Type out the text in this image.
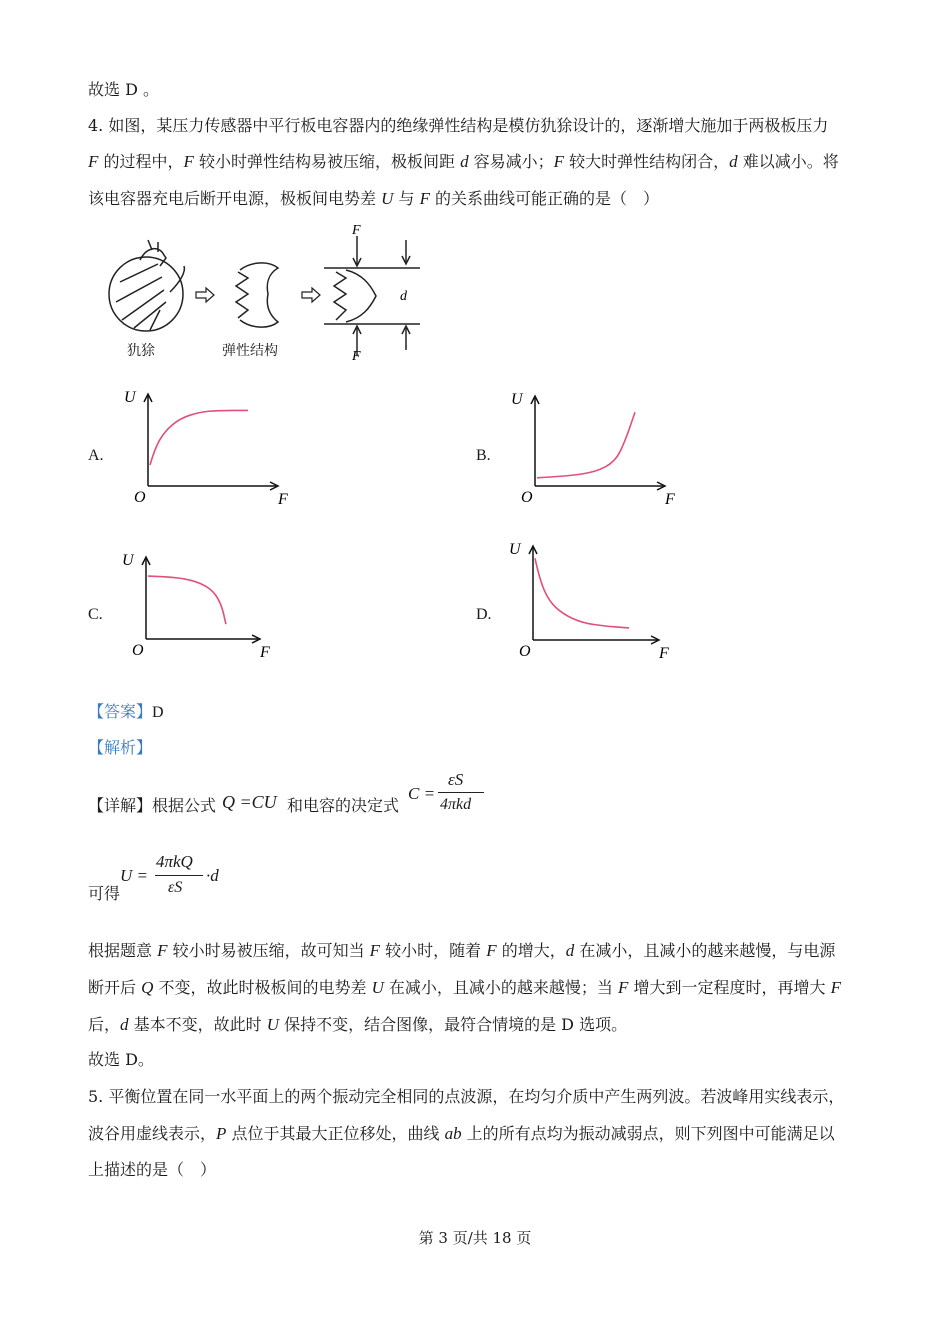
故选 D 。
4. 如图，某压力传感器中平行板电容器内的绝缘弹性结构是模仿犰狳设计的，逐渐增大施加于两极板压力
F 的过程中，F 较小时弹性结构易被压缩，极板间距 d 容易减小；F 较大时弹性结构闭合，d 难以减小。将
该电容器充电后断开电源，极板间电势差 U 与 F 的关系曲线可能正确的是（　）
F
F
d
犰狳	弹性结构
A.	B.
C.	D.
U
F
O
U
F
O
U
F
O
U
F
O
【答案】D
【解析】
【详解】根据公式 Q =CU 和电容的决定式
C =
εS
4πkd
可得
U =
4πkQ
εS
·d
根据题意 F 较小时易被压缩，故可知当 F 较小时，随着 F 的增大，d 在减小，且减小的越来越慢，与电源
断开后 Q 不变，故此时极板间的电势差 U 在减小，且减小的越来越慢；当 F 增大到一定程度时，再增大 F
后，d 基本不变，故此时 U 保持不变，结合图像，最符合情境的是 D 选项。
故选 D。
5. 平衡位置在同一水平面上的两个振动完全相同的点波源，在均匀介质中产生两列波。若波峰用实线表示，
波谷用虚线表示，P 点位于其最大正位移处，曲线 ab 上的所有点均为振动减弱点，则下列图中可能满足以
上描述的是（　）
第 3 页/共 18 页
